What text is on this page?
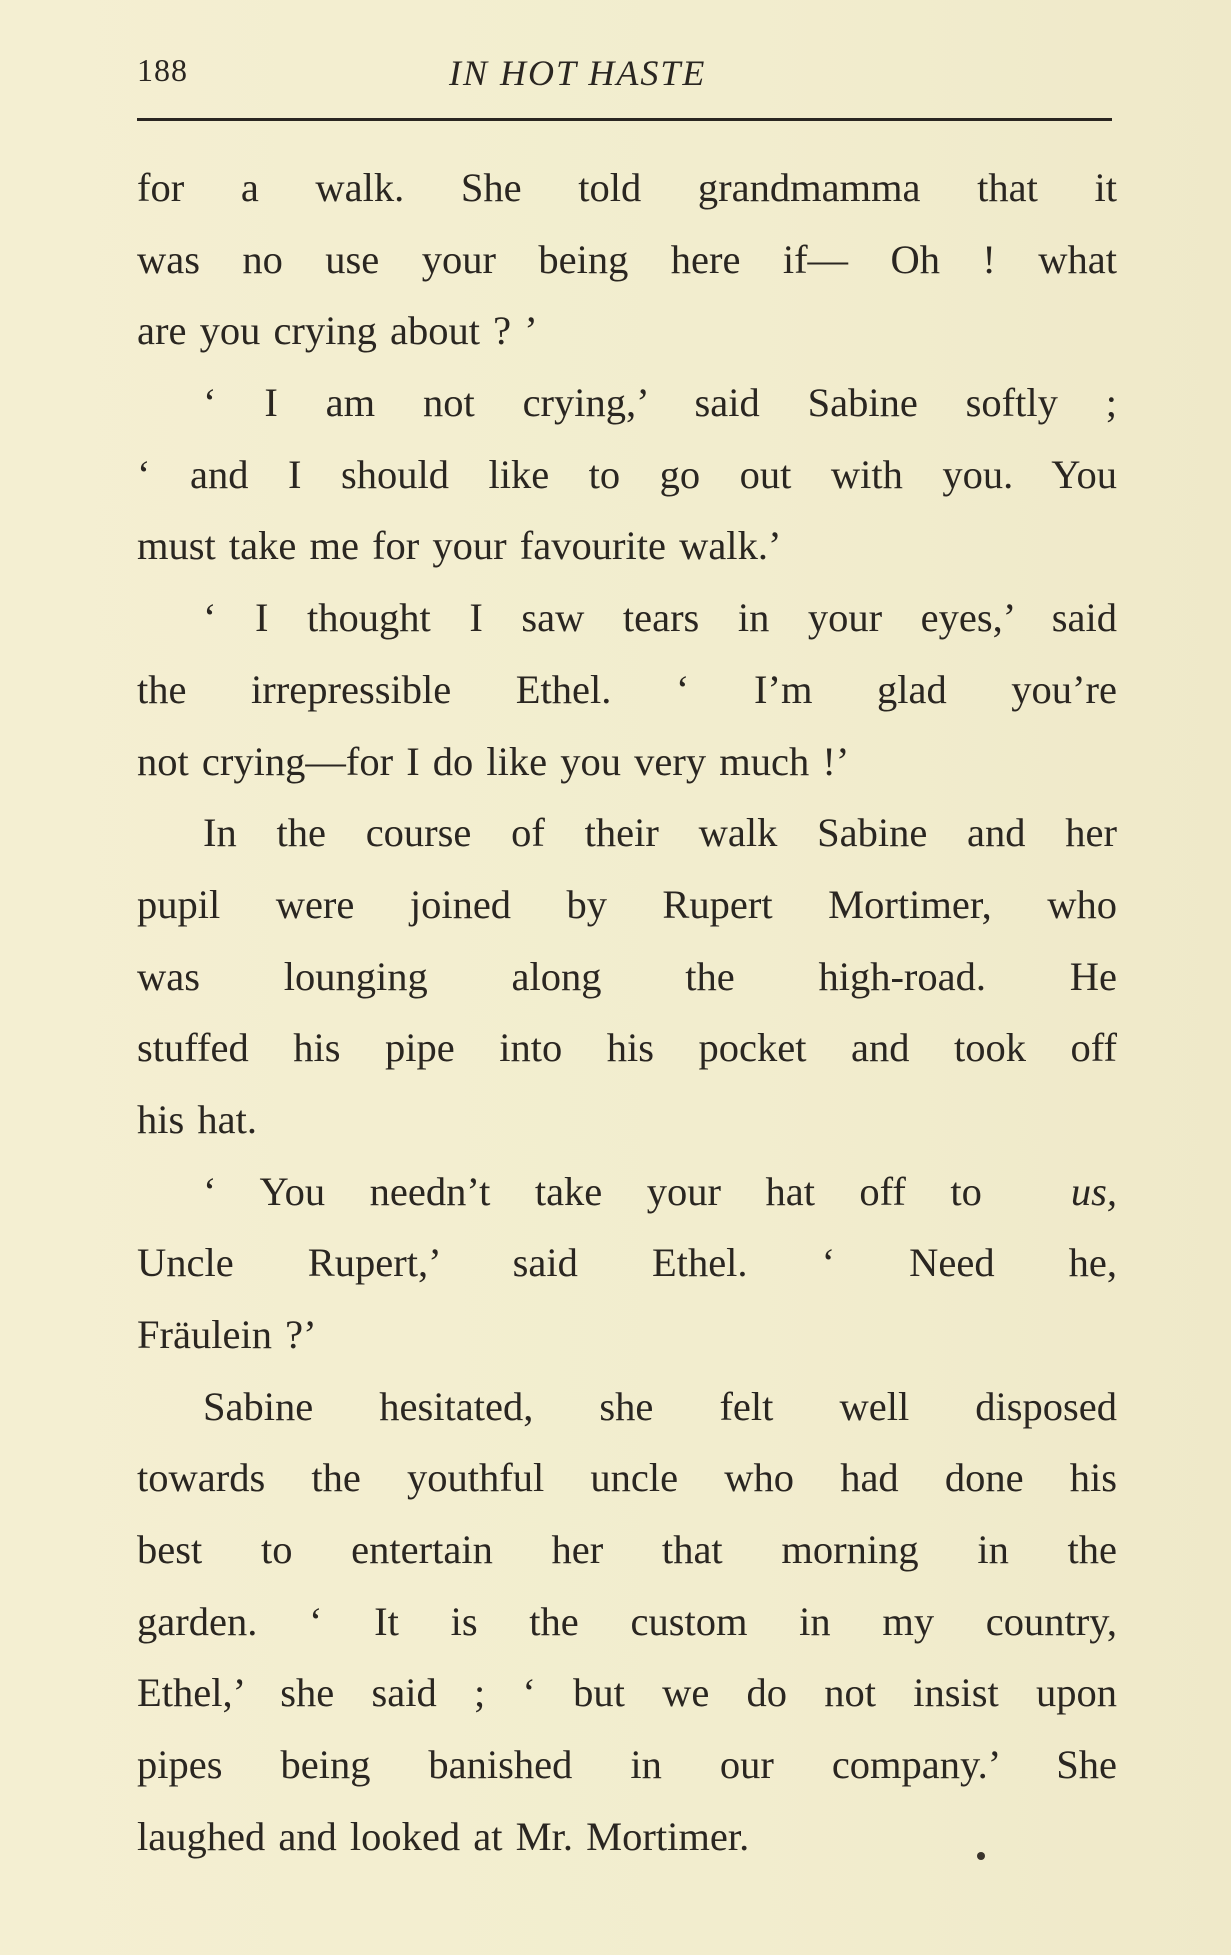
188	IN HOT HASTE
for a walk. She told grandmamma that it
was no use your being here if— Oh ! what
are you crying about ? ’
‘ I am not crying,’ said Sabine softly ;
‘ and I should like to go out with you. You
must take me for your favourite walk.’
‘ I thought I saw tears in your eyes,’ said
the irrepressible Ethel. ‘ I’m glad you’re
not crying—for I do like you very much !’
In the course of their walk Sabine and her
pupil were joined by Rupert Mortimer, who
was lounging along the high-road. He
stuffed his pipe into his pocket and took off
his hat.
‘ You needn’t take your hat off to us,
Uncle Rupert,’ said Ethel. ‘ Need he,
Fräulein ?’
Sabine hesitated, she felt well disposed
towards the youthful uncle who had done his
best to entertain her that morning in the
garden. ‘ It is the custom in my country,
Ethel,’ she said ; ‘ but we do not insist upon
pipes being banished in our company.’ She
laughed and looked at Mr. Mortimer.
